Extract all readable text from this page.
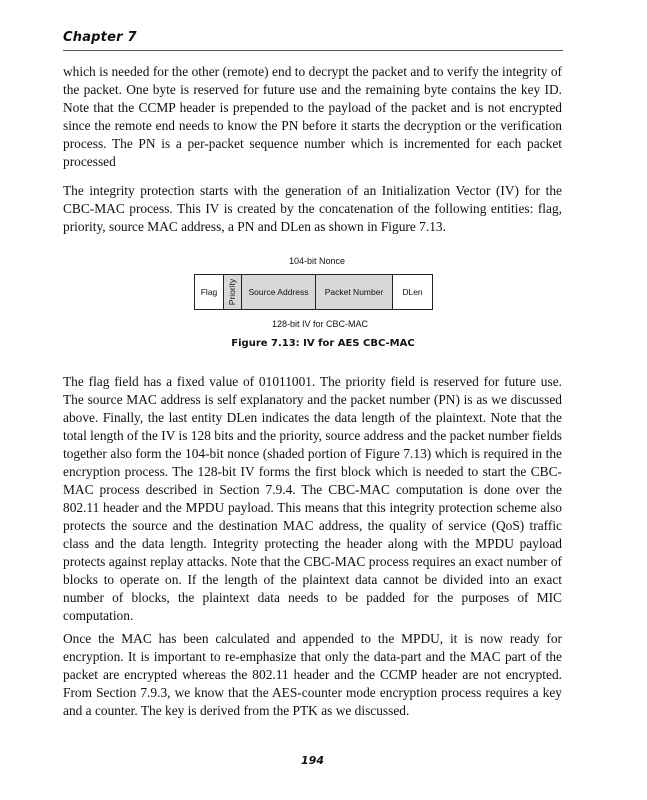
Chapter 7

which is needed for the other (remote) end to decrypt the packet and to verify the integrity of the packet. One byte is reserved for future use and the remaining byte contains the key ID. Note that the CCMP header is prepended to the payload of the packet and is not encrypted since the remote end needs to know the PN before it starts the decryption or the verification process. The PN is a per-packet sequence number which is incremented for each packet processed

The integrity protection starts with the generation of an Initialization Vector (IV) for the CBC-MAC process. This IV is created by the concatenation of the following entities: flag, priority, source MAC address, a PN and DLen as shown in Figure 7.13.

104-bit Nonce
Flag	Priority	Source Address	Packet Number	DLen
128-bit IV for CBC-MAC
Figure 7.13: IV for AES CBC-MAC

The flag field has a fixed value of 01011001. The priority field is reserved for future use. The source MAC address is self explanatory and the packet number (PN) is as we discussed above. Finally, the last entity DLen indicates the data length of the plaintext. Note that the total length of the IV is 128 bits and the priority, source address and the packet number fields together also form the 104-bit nonce (shaded portion of Figure 7.13) which is required in the encryption process. The 128-bit IV forms the first block which is needed to start the CBC-MAC process described in Section 7.9.4. The CBC-MAC computation is done over the 802.11 header and the MPDU payload. This means that this integrity protection scheme also protects the source and the destination MAC address, the quality of service (QoS) traffic class and the data length. Integrity protecting the header along with the MPDU payload protects against replay attacks. Note that the CBC-MAC process requires an exact number of blocks to operate on. If the length of the plaintext data cannot be divided into an exact number of blocks, the plaintext data needs to be padded for the purposes of MIC computation.

Once the MAC has been calculated and appended to the MPDU, it is now ready for encryption. It is important to re-emphasize that only the data-part and the MAC part of the packet are encrypted whereas the 802.11 header and the CCMP header are not encrypted. From Section 7.9.3, we know that the AES-counter mode encryption process requires a key and a counter. The key is derived from the PTK as we discussed.

194
